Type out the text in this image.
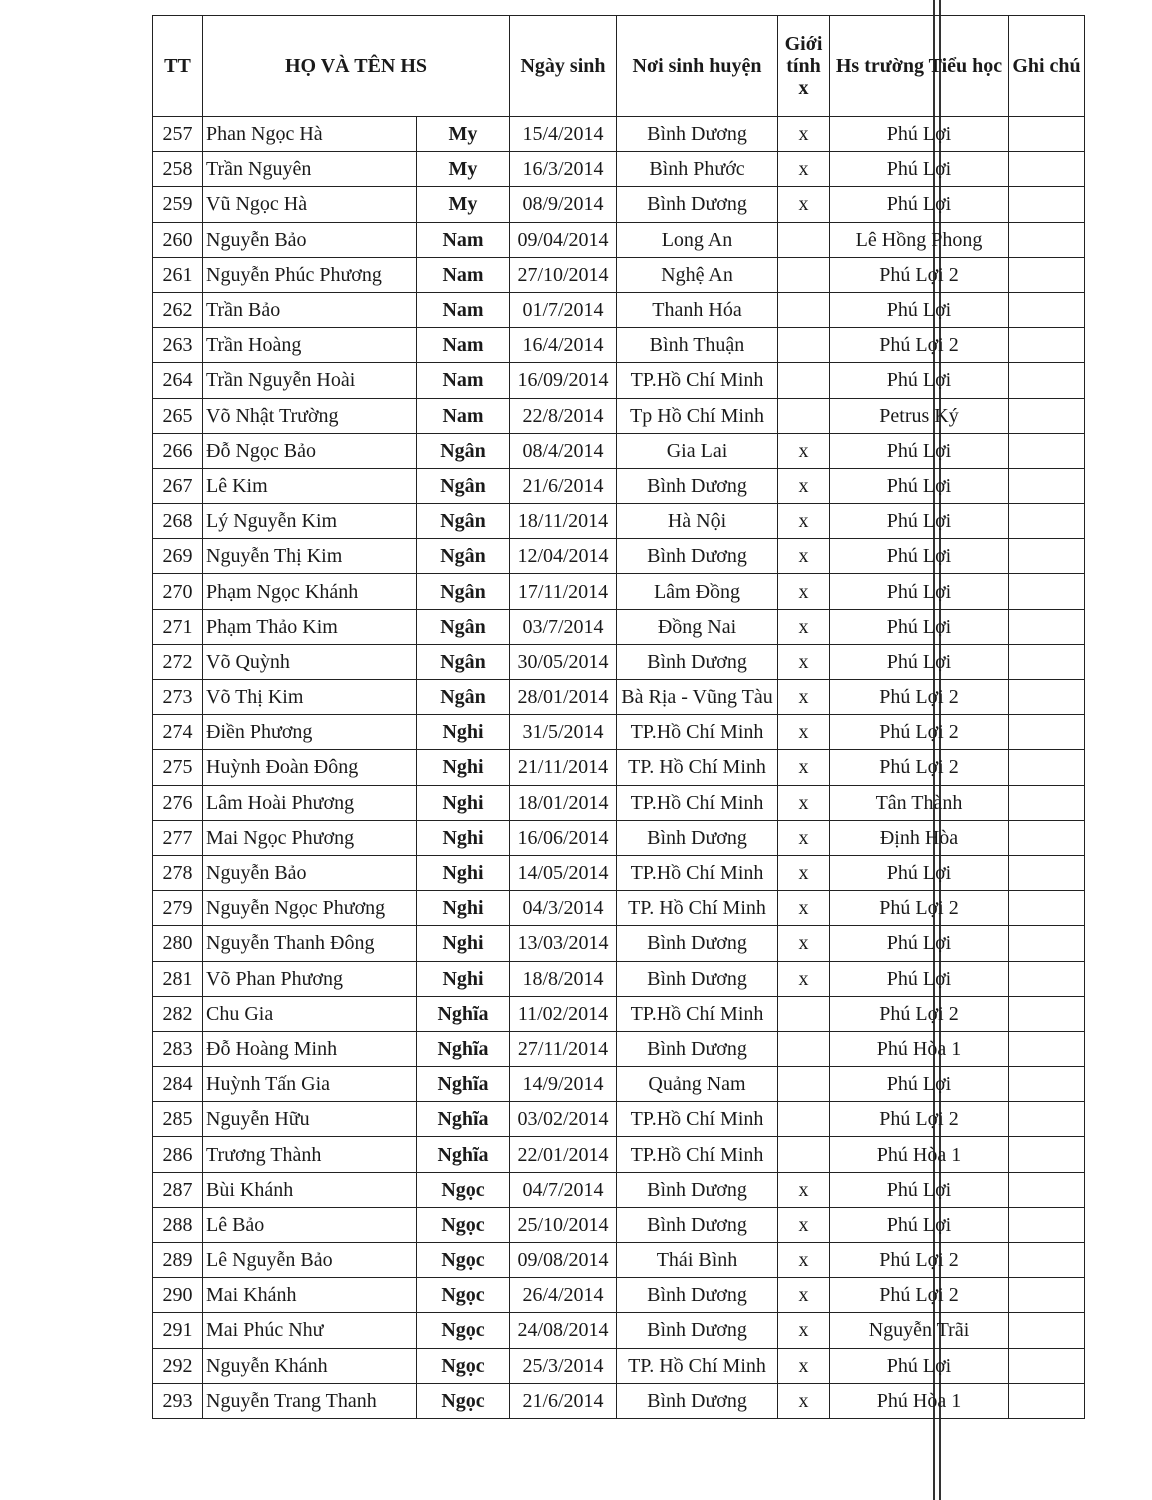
TT	HỌ VÀ TÊN HS		Ngày sinh	Nơi sinh huyện	Giới tính x	Hs trường Tiểu học	Ghi chú
257	Phan Ngọc Hà	My	15/4/2014	Bình Dương	x	Phú Lợi	
258	Trần Nguyên	My	16/3/2014	Bình Phước	x	Phú Lợi	
259	Vũ Ngọc Hà	My	08/9/2014	Bình Dương	x	Phú Lợi	
260	Nguyễn Bảo	Nam	09/04/2014	Long An		Lê Hồng Phong	
261	Nguyễn Phúc Phương	Nam	27/10/2014	Nghệ An		Phú Lợi 2	
262	Trần Bảo	Nam	01/7/2014	Thanh Hóa		Phú Lợi	
263	Trần Hoàng	Nam	16/4/2014	Bình Thuận		Phú Lợi 2	
264	Trần Nguyễn Hoài	Nam	16/09/2014	TP.Hồ Chí Minh		Phú Lợi	
265	Võ Nhật Trường	Nam	22/8/2014	Tp Hồ Chí Minh		Petrus Ký	
266	Đỗ Ngọc Bảo	Ngân	08/4/2014	Gia Lai	x	Phú Lợi	
267	Lê Kim	Ngân	21/6/2014	Bình Dương	x	Phú Lợi	
268	Lý Nguyễn Kim	Ngân	18/11/2014	Hà Nội	x	Phú Lợi	
269	Nguyễn Thị Kim	Ngân	12/04/2014	Bình Dương	x	Phú Lợi	
270	Phạm Ngọc Khánh	Ngân	17/11/2014	Lâm Đồng	x	Phú Lợi	
271	Phạm Thảo Kim	Ngân	03/7/2014	Đồng Nai	x	Phú Lợi	
272	Võ Quỳnh	Ngân	30/05/2014	Bình Dương	x	Phú Lợi	
273	Võ Thị Kim	Ngân	28/01/2014	Bà Rịa - Vũng Tàu	x	Phú Lợi 2	
274	Điền Phương	Nghi	31/5/2014	TP.Hồ Chí Minh	x	Phú Lợi 2	
275	Huỳnh Đoàn Đông	Nghi	21/11/2014	TP. Hồ Chí Minh	x	Phú Lợi 2	
276	Lâm Hoài Phương	Nghi	18/01/2014	TP.Hồ Chí Minh	x	Tân Thành	
277	Mai Ngọc Phương	Nghi	16/06/2014	Bình Dương	x	Định Hòa	
278	Nguyễn Bảo	Nghi	14/05/2014	TP.Hồ Chí Minh	x	Phú Lợi	
279	Nguyễn Ngọc Phương	Nghi	04/3/2014	TP. Hồ Chí Minh	x	Phú Lợi 2	
280	Nguyễn Thanh Đông	Nghi	13/03/2014	Bình Dương	x	Phú Lợi	
281	Võ Phan Phương	Nghi	18/8/2014	Bình Dương	x	Phú Lợi	
282	Chu Gia	Nghĩa	11/02/2014	TP.Hồ Chí Minh		Phú Lợi 2	
283	Đỗ Hoàng Minh	Nghĩa	27/11/2014	Bình Dương		Phú Hòa 1	
284	Huỳnh Tấn Gia	Nghĩa	14/9/2014	Quảng Nam		Phú Lợi	
285	Nguyễn Hữu	Nghĩa	03/02/2014	TP.Hồ Chí Minh		Phú Lợi 2	
286	Trương Thành	Nghĩa	22/01/2014	TP.Hồ Chí Minh		Phú Hòa 1	
287	Bùi Khánh	Ngọc	04/7/2014	Bình Dương	x	Phú Lợi	
288	Lê Bảo	Ngọc	25/10/2014	Bình Dương	x	Phú Lợi	
289	Lê Nguyễn Bảo	Ngọc	09/08/2014	Thái Bình	x	Phú Lợi 2	
290	Mai Khánh	Ngọc	26/4/2014	Bình Dương	x	Phú Lợi 2	
291	Mai Phúc Như	Ngọc	24/08/2014	Bình Dương	x	Nguyễn Trãi	
292	Nguyễn Khánh	Ngọc	25/3/2014	TP. Hồ Chí Minh	x	Phú Lợi	
293	Nguyễn Trang Thanh	Ngọc	21/6/2014	Bình Dương	x	Phú Hòa 1	
